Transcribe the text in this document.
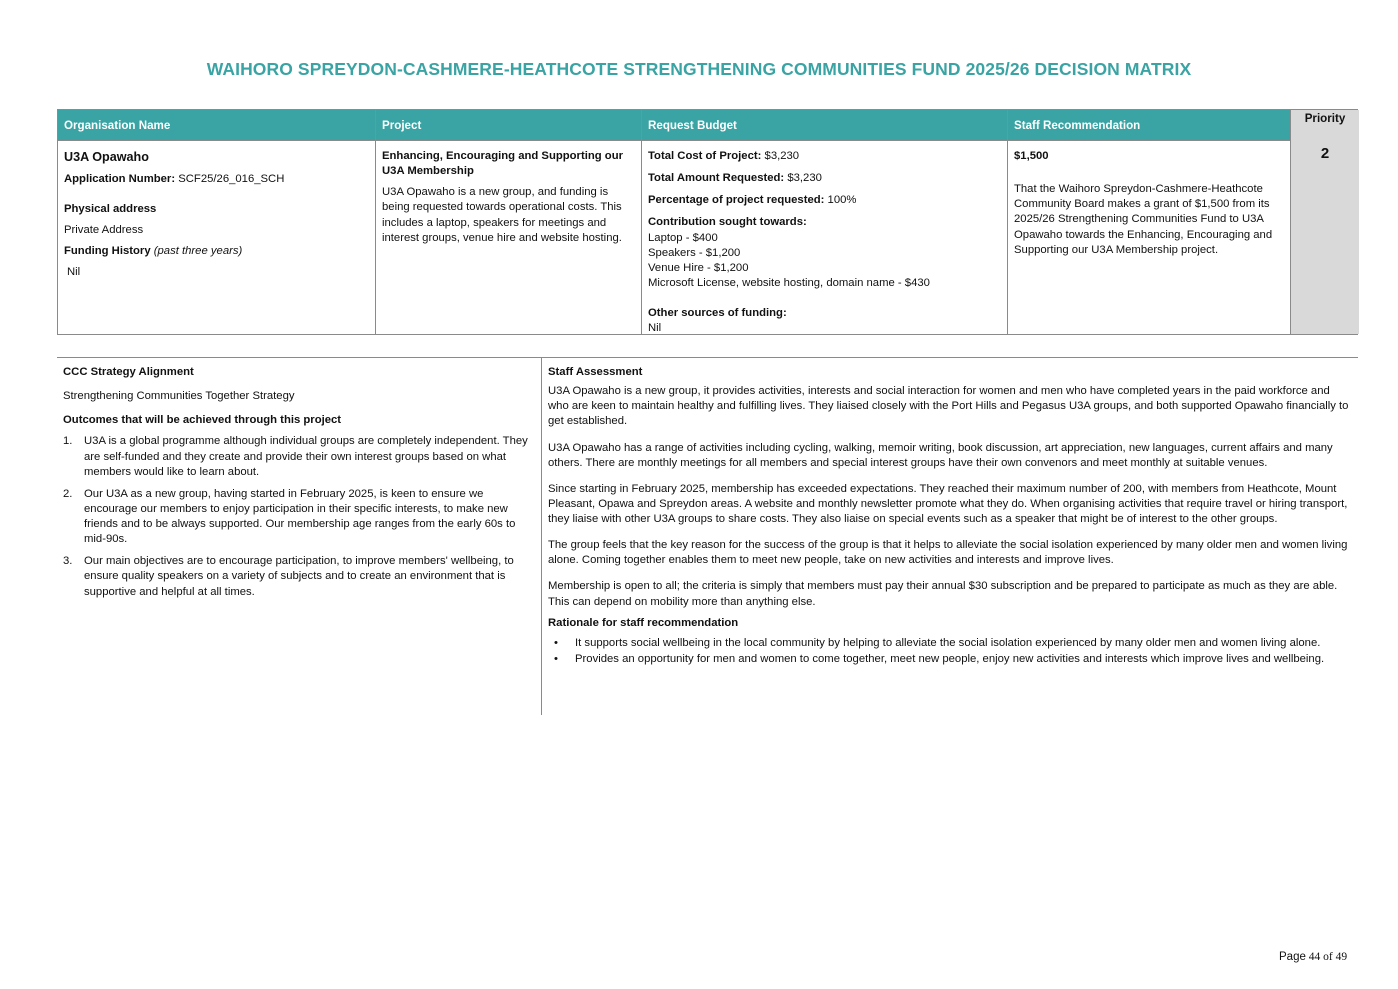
WAIHORO SPREYDON-CASHMERE-HEATHCOTE STRENGTHENING COMMUNITIES FUND 2025/26 DECISION MATRIX
Organisation Name
U3A Opawaho
Application Number: SCF25/26_016_SCH
Physical address
Private Address
Funding History (past three years)
Nil
Project
Enhancing, Encouraging and Supporting our U3A Membership
U3A Opawaho is a new group, and funding is being requested towards operational costs. This includes a laptop, speakers for meetings and interest groups, venue hire and website hosting.
Request Budget
Total Cost of Project: $3,230
Total Amount Requested: $3,230
Percentage of project requested: 100%
Contribution sought towards:
Laptop - $400
Speakers - $1,200
Venue Hire - $1,200
Microsoft License, website hosting, domain name - $430
Other sources of funding:
Nil
Staff Recommendation
$1,500
That the Waihoro Spreydon-Cashmere-Heathcote Community Board makes a grant of $1,500 from its 2025/26 Strengthening Communities Fund to U3A Opawaho towards the Enhancing, Encouraging and Supporting our U3A Membership project.
Priority
2
CCC Strategy Alignment

Strengthening Communities Together Strategy

Outcomes that will be achieved through this project
1. U3A is a global programme although individual groups are completely independent. They are self-funded and they create and provide their own interest groups based on what members would like to learn about.
2. Our U3A as a new group, having started in February 2025, is keen to ensure we encourage our members to enjoy participation in their specific interests, to make new friends and to be always supported. Our membership age ranges from the early 60s to mid-90s.
3. Our main objectives are to encourage participation, to improve members' wellbeing, to ensure quality speakers on a variety of subjects and to create an environment that is supportive and helpful at all times.
Staff Assessment

U3A Opawaho is a new group, it provides activities, interests and social interaction for women and men who have completed years in the paid workforce and who are keen to maintain healthy and fulfilling lives. They liaised closely with the Port Hills and Pegasus U3A groups, and both supported Opawaho financially to get established.

U3A Opawaho has a range of activities including cycling, walking, memoir writing, book discussion, art appreciation, new languages, current affairs and many others. There are monthly meetings for all members and special interest groups have their own convenors and meet monthly at suitable venues.

Since starting in February 2025, membership has exceeded expectations. They reached their maximum number of 200, with members from Heathcote, Mount Pleasant, Opawa and Spreydon areas. A website and monthly newsletter promote what they do. When organising activities that require travel or hiring transport, they liaise with other U3A groups to share costs. They also liaise on special events such as a speaker that might be of interest to the other groups.

The group feels that the key reason for the success of the group is that it helps to alleviate the social isolation experienced by many older men and women living alone. Coming together enables them to meet new people, take on new activities and interests and improve lives.

Membership is open to all; the criteria is simply that members must pay their annual $30 subscription and be prepared to participate as much as they are able. This can depend on mobility more than anything else.

Rationale for staff recommendation
• It supports social wellbeing in the local community by helping to alleviate the social isolation experienced by many older men and women living alone.
• Provides an opportunity for men and women to come together, meet new people, enjoy new activities and interests which improve lives and wellbeing.
Page 44 of 49
